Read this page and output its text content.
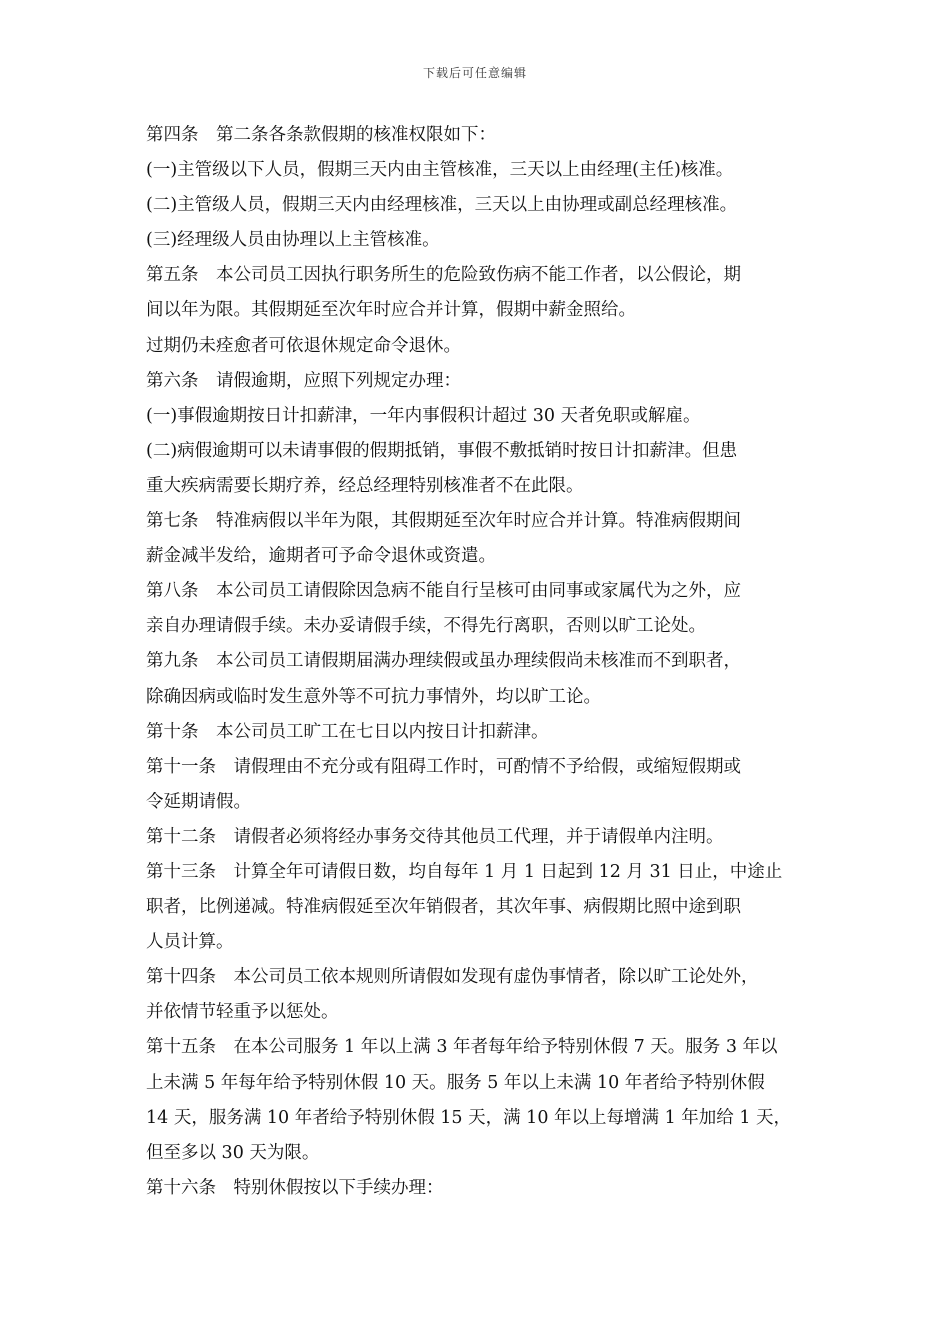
下载后可任意编辑
第四条　第二条各条款假期的核准权限如下：
(一)主管级以下人员，假期三天内由主管核准，三天以上由经理(主任)核准。
(二)主管级人员，假期三天内由经理核准，三天以上由协理或副总经理核准。
(三)经理级人员由协理以上主管核准。
第五条　本公司员工因执行职务所生的危险致伤病不能工作者，以公假论，期
间以年为限。其假期延至次年时应合并计算，假期中薪金照给。
过期仍未痊愈者可依退休规定命令退休。
第六条　请假逾期，应照下列规定办理：
(一)事假逾期按日计扣薪津，一年内事假积计超过 30 天者免职或解雇。
(二)病假逾期可以未请事假的假期抵销，事假不敷抵销时按日计扣薪津。但患
重大疾病需要长期疗养，经总经理特别核准者不在此限。
第七条　特准病假以半年为限，其假期延至次年时应合并计算。特准病假期间
薪金减半发给，逾期者可予命令退休或资遣。
第八条　本公司员工请假除因急病不能自行呈核可由同事或家属代为之外，应
亲自办理请假手续。未办妥请假手续，不得先行离职，否则以旷工论处。
第九条　本公司员工请假期届满办理续假或虽办理续假尚未核准而不到职者，
除确因病或临时发生意外等不可抗力事情外，均以旷工论。
第十条　本公司员工旷工在七日以内按日计扣薪津。
第十一条　请假理由不充分或有阻碍工作时，可酌情不予给假，或缩短假期或
令延期请假。
第十二条　请假者必须将经办事务交待其他员工代理，并于请假单内注明。
第十三条　计算全年可请假日数，均自每年 1 月 1 日起到 12 月 31 日止，中途止
职者，比例递减。特准病假延至次年销假者，其次年事、病假期比照中途到职
人员计算。
第十四条　本公司员工依本规则所请假如发现有虚伪事情者，除以旷工论处外，
并依情节轻重予以惩处。
第十五条　在本公司服务 1 年以上满 3 年者每年给予特别休假 7 天。服务 3 年以
上未满 5 年每年给予特别休假 10 天。服务 5 年以上未满 10 年者给予特别休假
14 天，服务满 10 年者给予特别休假 15 天，满 10 年以上每增满 1 年加给 1 天，
但至多以 30 天为限。
第十六条　特别休假按以下手续办理：
